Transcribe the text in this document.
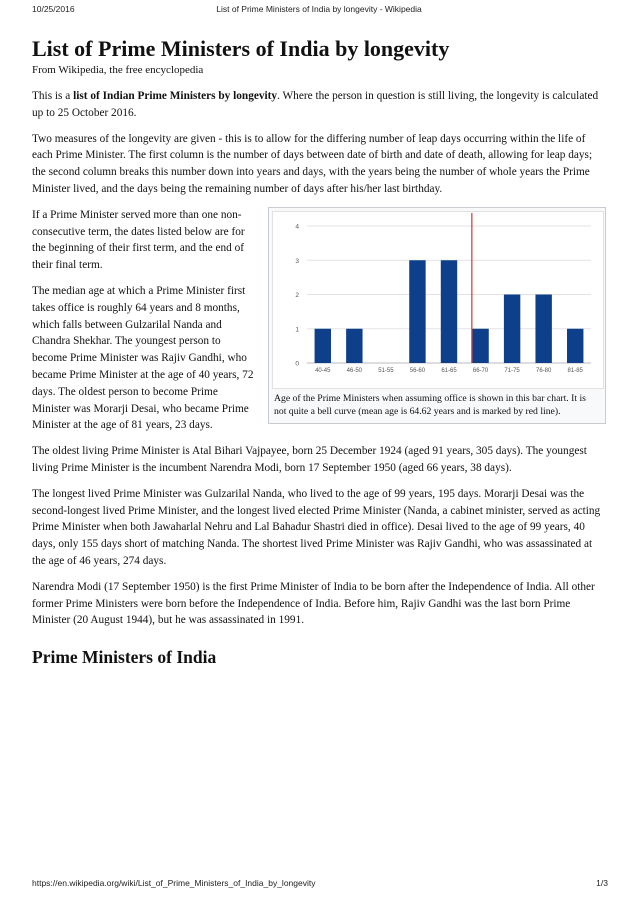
10/25/2016	List of Prime Ministers of India by longevity - Wikipedia
List of Prime Ministers of India by longevity
From Wikipedia, the free encyclopedia

This is a list of Indian Prime Ministers by longevity. Where the person in question is still living, the longevity is calculated up to 25 October 2016.

Two measures of the longevity are given - this is to allow for the differing number of leap days occurring within the life of each Prime Minister. The first column is the number of days between date of birth and date of death, allowing for leap days; the second column breaks this number down into years and days, with the years being the number of whole years the Prime Minister lived, and the days being the remaining number of days after his/her last birthday.

0
1
2
3
4
40-45	46-50	51-55	56-60	61-65	66-70	71-75	76-80	81-85
Age of the Prime Ministers when assuming office is shown in this bar chart. It is not quite a bell curve (mean age is 64.62 years and is marked by red line).

If a Prime Minister served more than one non-consecutive term, the dates listed below are for the beginning of their first term, and the end of their final term.

The median age at which a Prime Minister first takes office is roughly 64 years and 8 months, which falls between Gulzarilal Nanda and Chandra Shekhar. The youngest person to become Prime Minister was Rajiv Gandhi, who became Prime Minister at the age of 40 years, 72 days. The oldest person to become Prime Minister was Morarji Desai, who became Prime Minister at the age of 81 years, 23 days.

The oldest living Prime Minister is Atal Bihari Vajpayee, born 25 December 1924 (aged 91 years, 305 days). The youngest living Prime Minister is the incumbent Narendra Modi, born 17 September 1950 (aged 66 years, 38 days).

The longest lived Prime Minister was Gulzarilal Nanda, who lived to the age of 99 years, 195 days. Morarji Desai was the second-longest lived Prime Minister, and the longest lived elected Prime Minister (Nanda, a cabinet minister, served as acting Prime Minister when both Jawaharlal Nehru and Lal Bahadur Shastri died in office). Desai lived to the age of 99 years, 40 days, only 155 days short of matching Nanda. The shortest lived Prime Minister was Rajiv Gandhi, who was assassinated at the age of 46 years, 274 days.

Narendra Modi (17 September 1950) is the first Prime Minister of India to be born after the Independence of India. All other former Prime Ministers were born before the Independence of India. Before him, Rajiv Gandhi was the last born Prime Minister (20 August 1944), but he was assassinated in 1991.

Prime Ministers of India
https://en.wikipedia.org/wiki/List_of_Prime_Ministers_of_India_by_longevity	1/3
